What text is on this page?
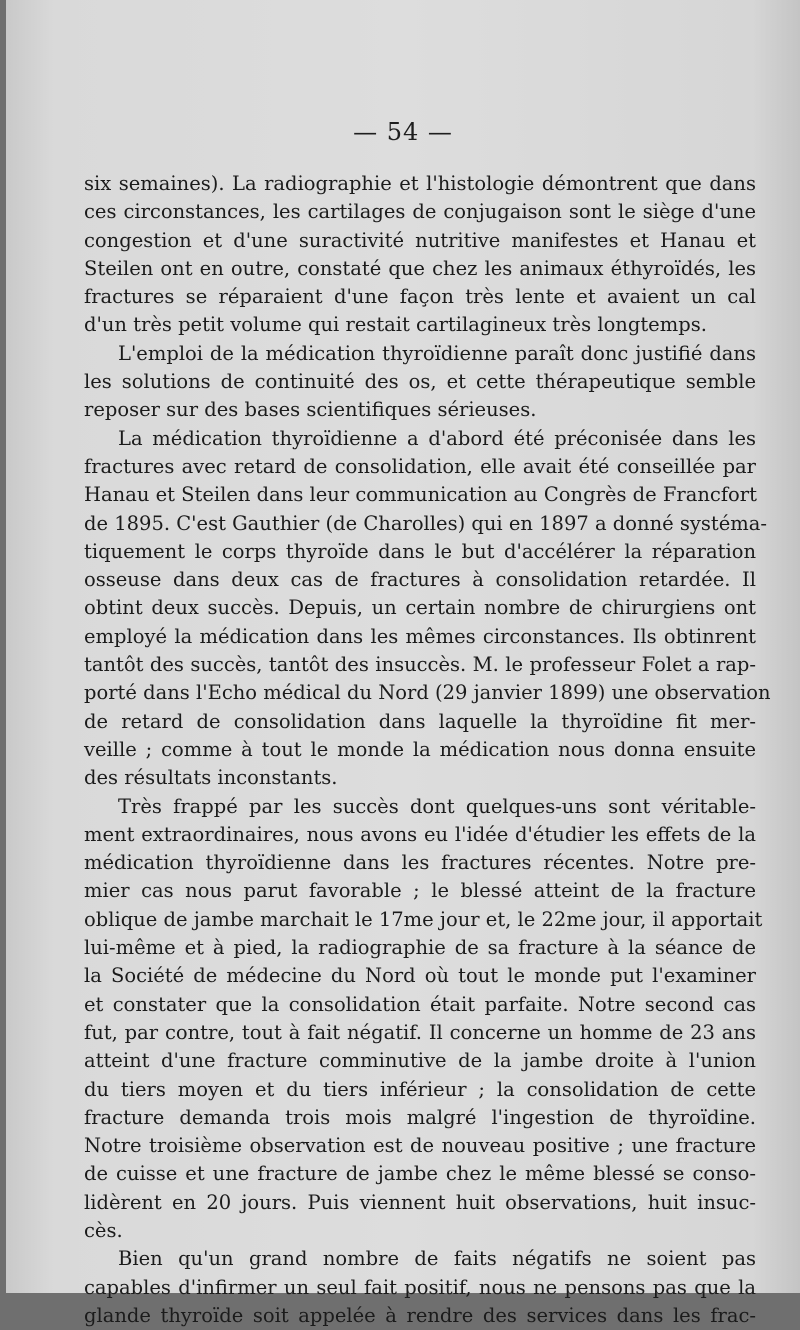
— 54 —
six semaines). La radiographie et l'histologie démontrent que dans
ces circonstances, les cartilages de conjugaison sont le siège d'une
congestion et d'une suractivité nutritive manifestes et Hanau et
Steilen ont en outre, constaté que chez les animaux éthyroïdés, les
fractures se réparaient d'une façon très lente et avaient un cal
d'un très petit volume qui restait cartilagineux très longtemps.
L'emploi de la médication thyroïdienne paraît donc justifié dans
les solutions de continuité des os, et cette thérapeutique semble
reposer sur des bases scientifiques sérieuses.
La médication thyroïdienne a d'abord été préconisée dans les
fractures avec retard de consolidation, elle avait été conseillée par
Hanau et Steilen dans leur communication au Congrès de Francfort
de 1895. C'est Gauthier (de Charolles) qui en 1897 a donné systéma-
tiquement le corps thyroïde dans le but d'accélérer la réparation
osseuse dans deux cas de fractures à consolidation retardée. Il
obtint deux succès. Depuis, un certain nombre de chirurgiens ont
employé la médication dans les mêmes circonstances. Ils obtinrent
tantôt des succès, tantôt des insuccès. M. le professeur Folet a rap-
porté dans l'Echo médical du Nord (29 janvier 1899) une observation
de retard de consolidation dans laquelle la thyroïdine fit mer-
veille ; comme à tout le monde la médication nous donna ensuite
des résultats inconstants.
Très frappé par les succès dont quelques-uns sont véritable-
ment extraordinaires, nous avons eu l'idée d'étudier les effets de la
médication thyroïdienne dans les fractures récentes. Notre pre-
mier cas nous parut favorable ; le blessé atteint de la fracture
oblique de jambe marchait le 17me jour et, le 22me jour, il apportait
lui-même et à pied, la radiographie de sa fracture à la séance de
la Société de médecine du Nord où tout le monde put l'examiner
et constater que la consolidation était parfaite. Notre second cas
fut, par contre, tout à fait négatif. Il concerne un homme de 23 ans
atteint d'une fracture comminutive de la jambe droite à l'union
du tiers moyen et du tiers inférieur ; la consolidation de cette
fracture demanda trois mois malgré l'ingestion de thyroïdine.
Notre troisième observation est de nouveau positive ; une fracture
de cuisse et une fracture de jambe chez le même blessé se conso-
lidèrent en 20 jours. Puis viennent huit observations, huit insuc-
cès.
Bien qu'un grand nombre de faits négatifs ne soient pas
capables d'infirmer un seul fait positif, nous ne pensons pas que la
glande thyroïde soit appelée à rendre des services dans les frac-
